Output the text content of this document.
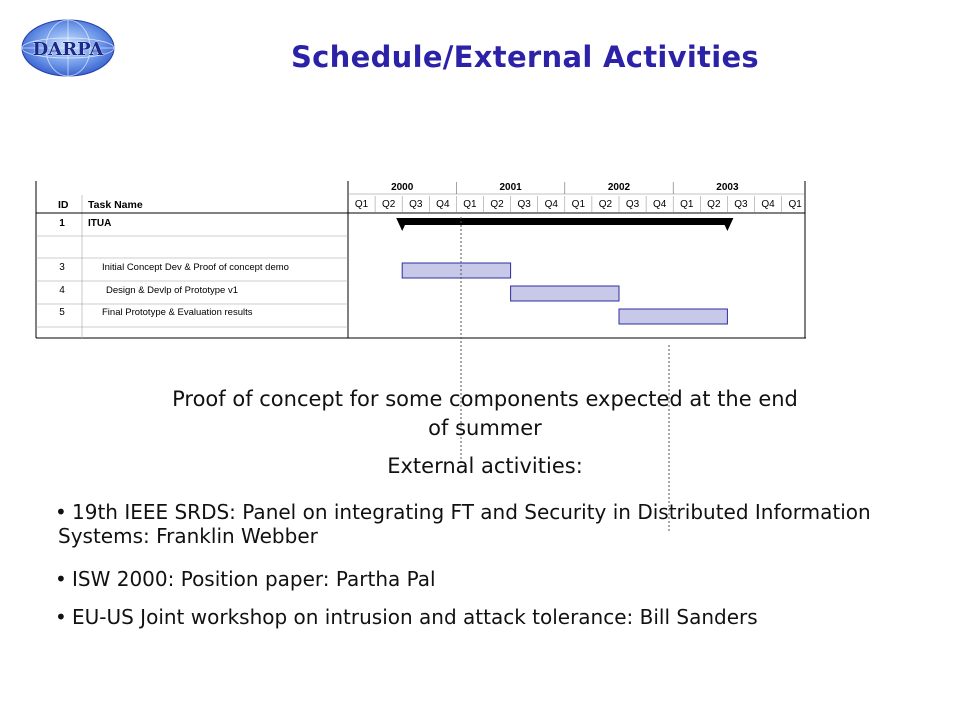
DARPA	Schedule/External Activities
ID Task Name
2000	2001	2002	2003
Q1 Q2 Q3 Q4 Q1 Q2 Q3 Q4 Q1 Q2 Q3 Q4 Q1 Q2 Q3 Q4 Q1
1 ITUA
3	Initial Concept Dev & Proof of concept demo
4	Design & Devlp of Prototype v1
5	Final Prototype & Evaluation results
Proof of concept for some components expected at the end
of summer
External activities:
• 19th IEEE SRDS: Panel on integrating FT and Security in Distributed Information Systems: Franklin Webber
• ISW 2000: Position paper: Partha Pal
• EU-US Joint workshop on intrusion and attack tolerance: Bill Sanders
